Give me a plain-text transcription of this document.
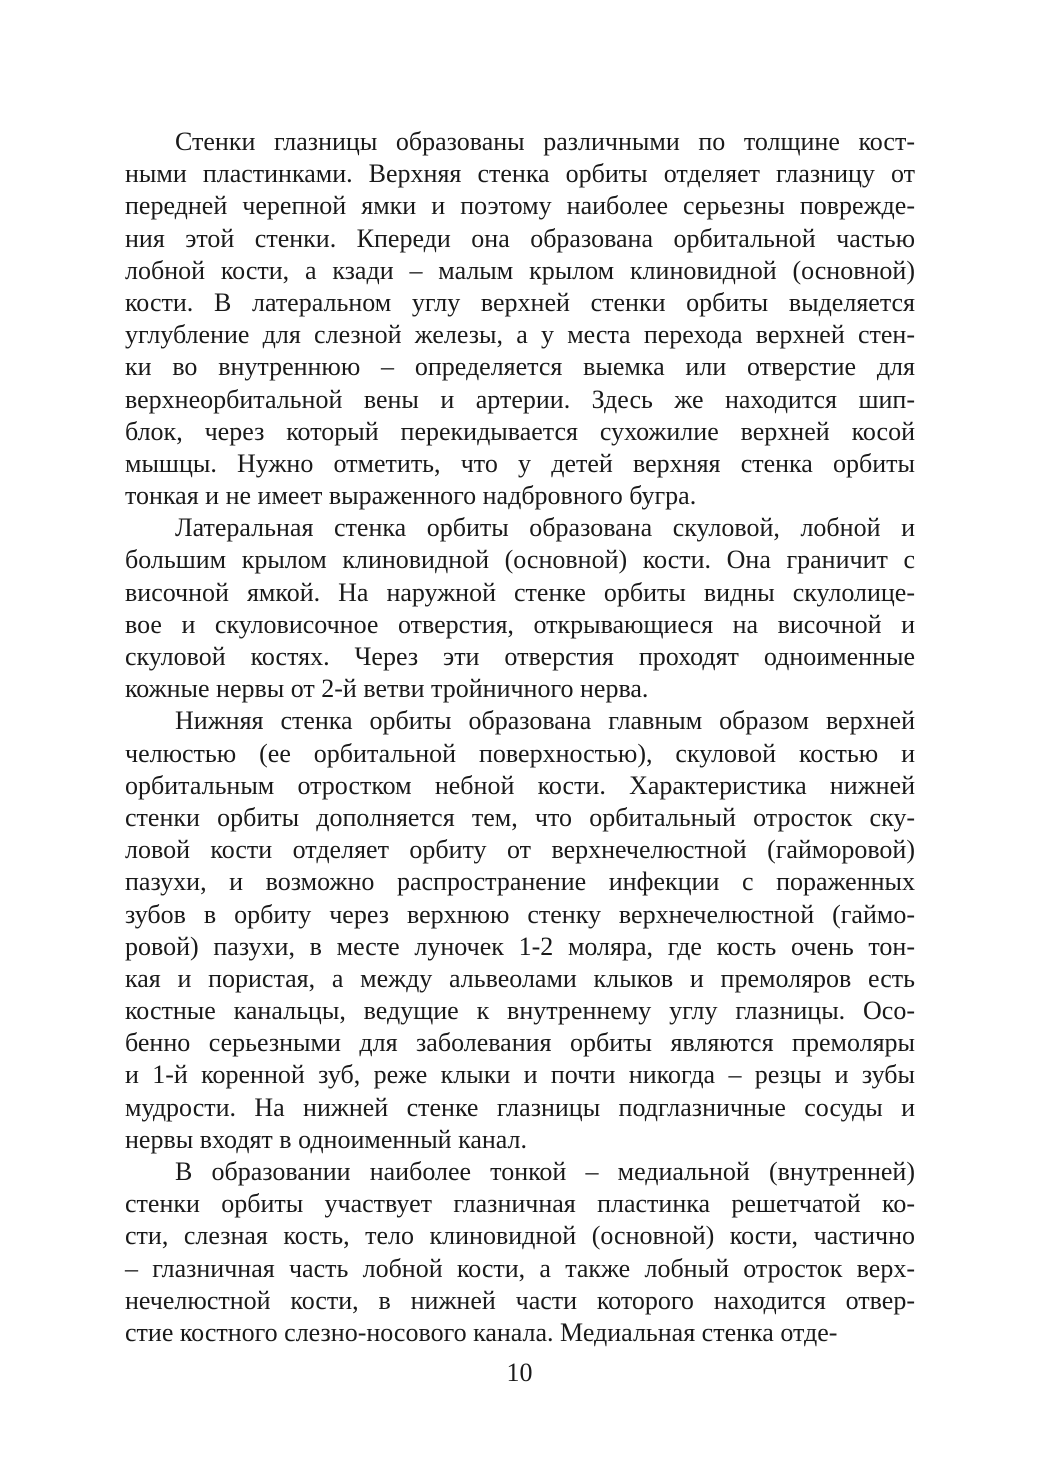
Стенки глазницы образованы различными по толщине кост-
ными пластинками. Верхняя стенка орбиты отделяет глазницу от
передней черепной ямки и поэтому наиболее серьезны поврежде-
ния этой стенки. Кпереди она образована орбитальной частью
лобной кости, а кзади – малым крылом клиновидной (основной)
кости. В латеральном углу верхней стенки орбиты выделяется
углубление для слезной железы, а у места перехода верхней стен-
ки во внутреннюю – определяется выемка или отверстие для
верхнеорбитальной вены и артерии. Здесь же находится шип-
блок, через который перекидывается сухожилие верхней косой
мышцы. Нужно отметить, что у детей верхняя стенка орбиты
тонкая и не имеет выраженного надбровного бугра.
Латеральная стенка орбиты образована скуловой, лобной и
большим крылом клиновидной (основной) кости. Она граничит с
височной ямкой. На наружной стенке орбиты видны скулолице-
вое и скуловисочное отверстия, открывающиеся на височной и
скуловой костях. Через эти отверстия проходят одноименные
кожные нервы от 2-й ветви тройничного нерва.
Нижняя стенка орбиты образована главным образом верхней
челюстью (ее орбитальной поверхностью), скуловой костью и
орбитальным отростком небной кости. Характеристика нижней
стенки орбиты дополняется тем, что орбитальный отросток ску-
ловой кости отделяет орбиту от верхнечелюстной (гайморовой)
пазухи, и возможно распространение инфекции с пораженных
зубов в орбиту через верхнюю стенку верхнечелюстной (гаймо-
ровой) пазухи, в месте луночек 1-2 моляра, где кость очень тон-
кая и пористая, а между альвеолами клыков и премоляров есть
костные канальцы, ведущие к внутреннему углу глазницы. Осо-
бенно серьезными для заболевания орбиты являются премоляры
и 1-й коренной зуб, реже клыки и почти никогда – резцы и зубы
мудрости. На нижней стенке глазницы подглазничные сосуды и
нервы входят в одноименный канал.
В образовании наиболее тонкой – медиальной (внутренней)
стенки орбиты участвует глазничная пластинка решетчатой ко-
сти, слезная кость, тело клиновидной (основной) кости, частично
– глазничная часть лобной кости, а также лобный отросток верх-
нечелюстной кости, в нижней части которого находится отвер-
стие костного слезно-носового канала. Медиальная стенка отде-
10
